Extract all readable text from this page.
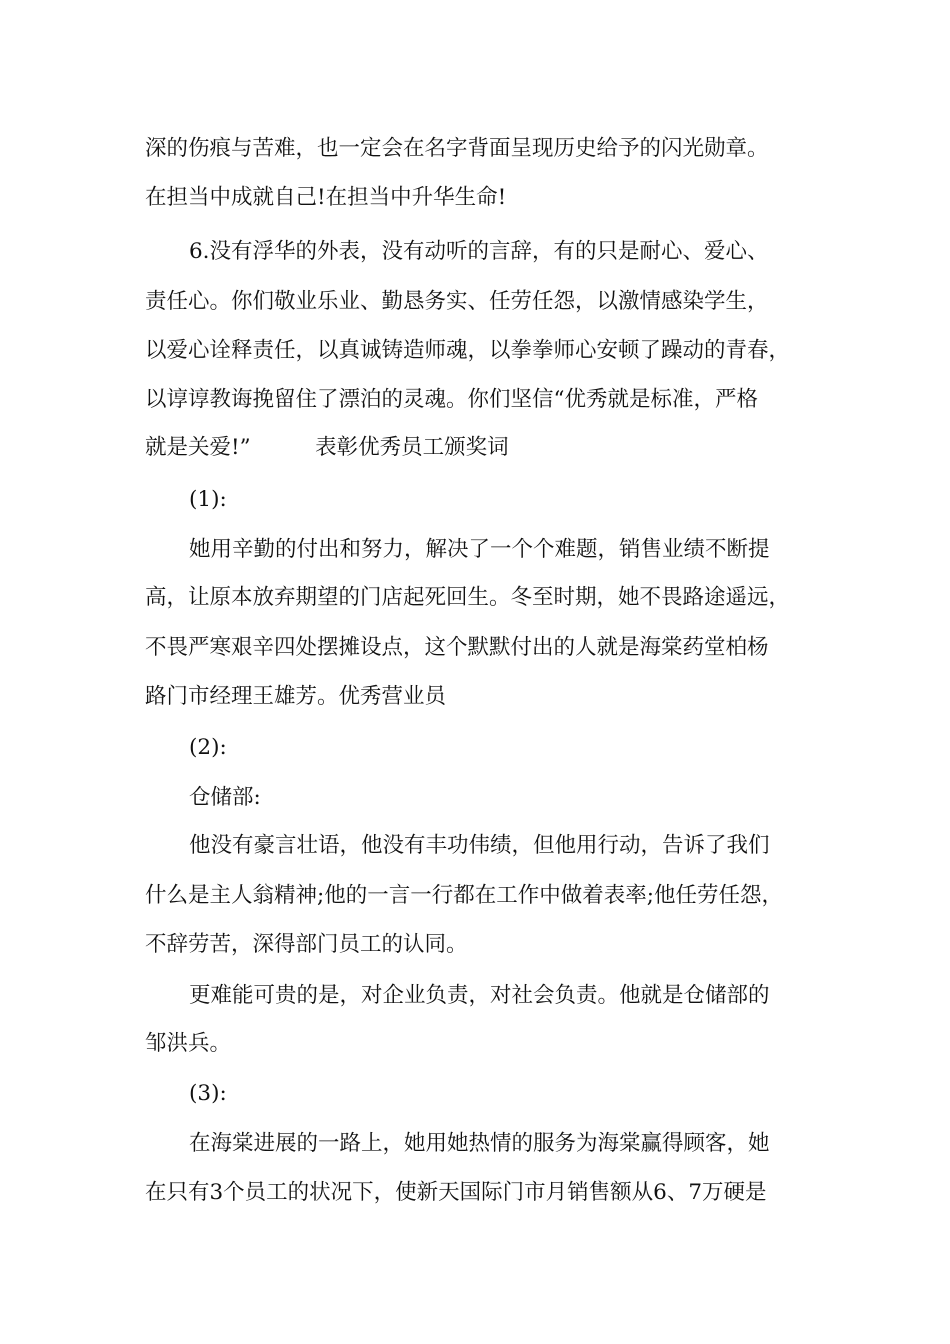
深的伤痕与苦难，也一定会在名字背面呈现历史给予的闪光勋章。
在担当中成就自己!在担当中升华生命!
6.没有浮华的外表，没有动听的言辞，有的只是耐心、爱心、
责任心。你们敬业乐业、勤恳务实、任劳任怨，以激情感染学生，
以爱心诠释责任，以真诚铸造师魂，以拳拳师心安顿了躁动的青春，
以谆谆教诲挽留住了漂泊的灵魂。你们坚信“优秀就是标准，严格
就是关爱!”　　　表彰优秀员工颁奖词
(1):
她用辛勤的付出和努力，解决了一个个难题，销售业绩不断提
高，让原本放弃期望的门店起死回生。冬至时期，她不畏路途遥远，
不畏严寒艰辛四处摆摊设点，这个默默付出的人就是海棠药堂柏杨
路门市经理王雄芳。优秀营业员
(2):
仓储部:
他没有豪言壮语，他没有丰功伟绩，但他用行动，告诉了我们
什么是主人翁精神;他的一言一行都在工作中做着表率;他任劳任怨，
不辞劳苦，深得部门员工的认同。
更难能可贵的是，对企业负责，对社会负责。他就是仓储部的
邹洪兵。
(3):
在海棠进展的一路上，她用她热情的服务为海棠赢得顾客，她
在只有3个员工的状况下，使新天国际门市月销售额从6、7万硬是
